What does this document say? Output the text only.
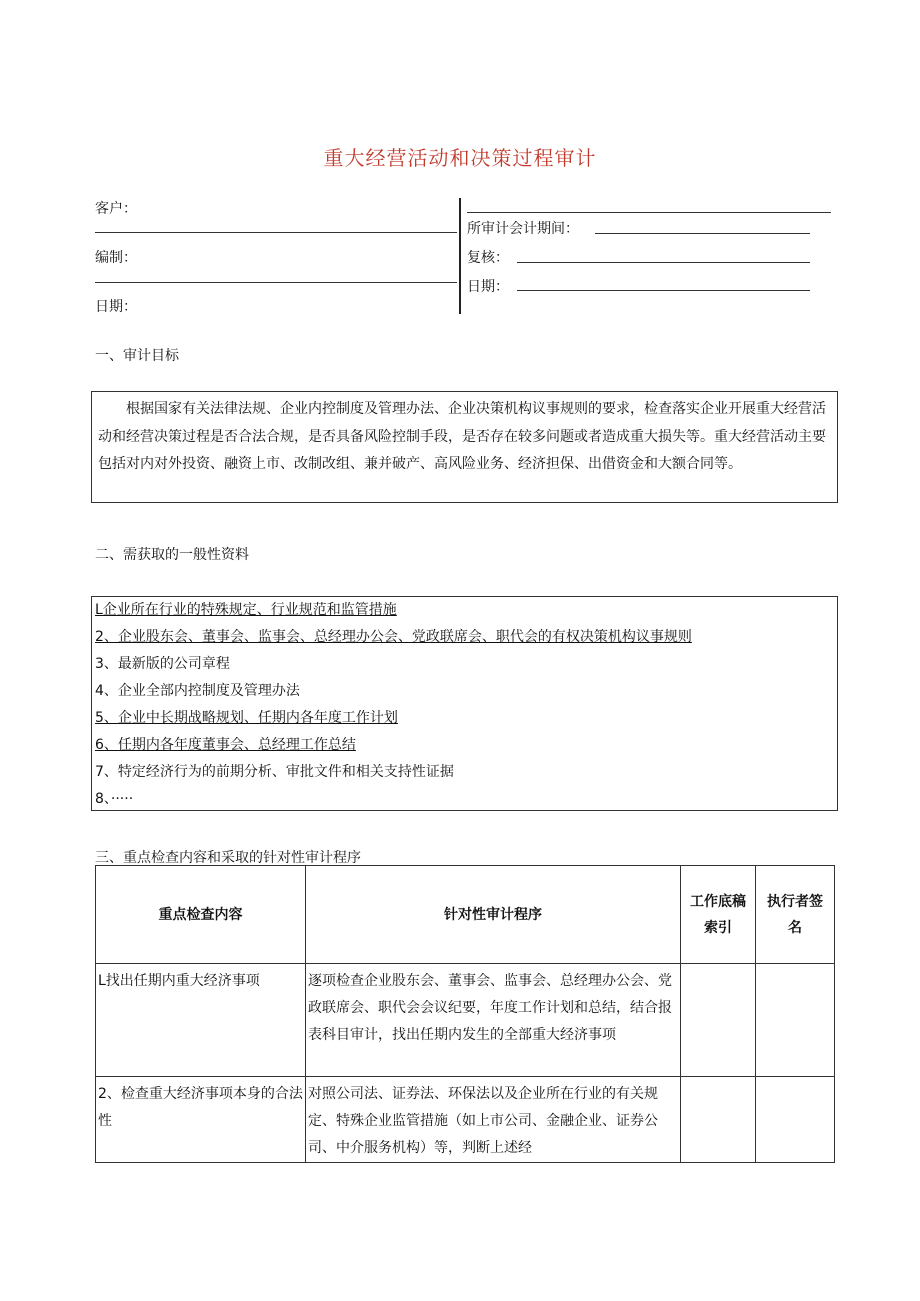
重大经营活动和决策过程审计
客户：
编制：
日期：
所审计会计期间：
复核：
日期：
一、审计目标

根据国家有关法律法规、企业内控制度及管理办法、企业决策机构议事规则的要求，检查落实企业开展重大经营活动和经营决策过程是否合法合规，是否具备风险控制手段，是否存在较多问题或者造成重大损失等。重大经营活动主要包括对内对外投资、融资上市、改制改组、兼并破产、高风险业务、经济担保、出借资金和大额合同等。

二、需获取的一般性资料
L企业所在行业的特殊规定、行业规范和监管措施
2、企业股东会、董事会、监事会、总经理办公会、党政联席会、职代会的有权决策机构议事规则
3、最新版的公司章程
4、企业全部内控制度及管理办法
5、企业中长期战略规划、任期内各年度工作计划
6、任期内各年度董事会、总经理工作总结
7、特定经济行为的前期分析、审批文件和相关支持性证据
8、·····
三、重点检查内容和采取的针对性审计程序
重点检查内容	针对性审计程序	工作底稿索引	执行者签名

L找出任期内重大经济事项	逐项检查企业股东会、董事会、监事会、总经理办公会、党政联席会、职代会会议纪要，年度工作计划和总结，结合报表科目审计，找出任期内发生的全部重大经济事项		

2、检查重大经济事项本身的合法性	对照公司法、证券法、环保法以及企业所在行业的有关规定、特殊企业监管措施（如上市公司、金融企业、证券公司、中介服务机构）等，判断上述经		
